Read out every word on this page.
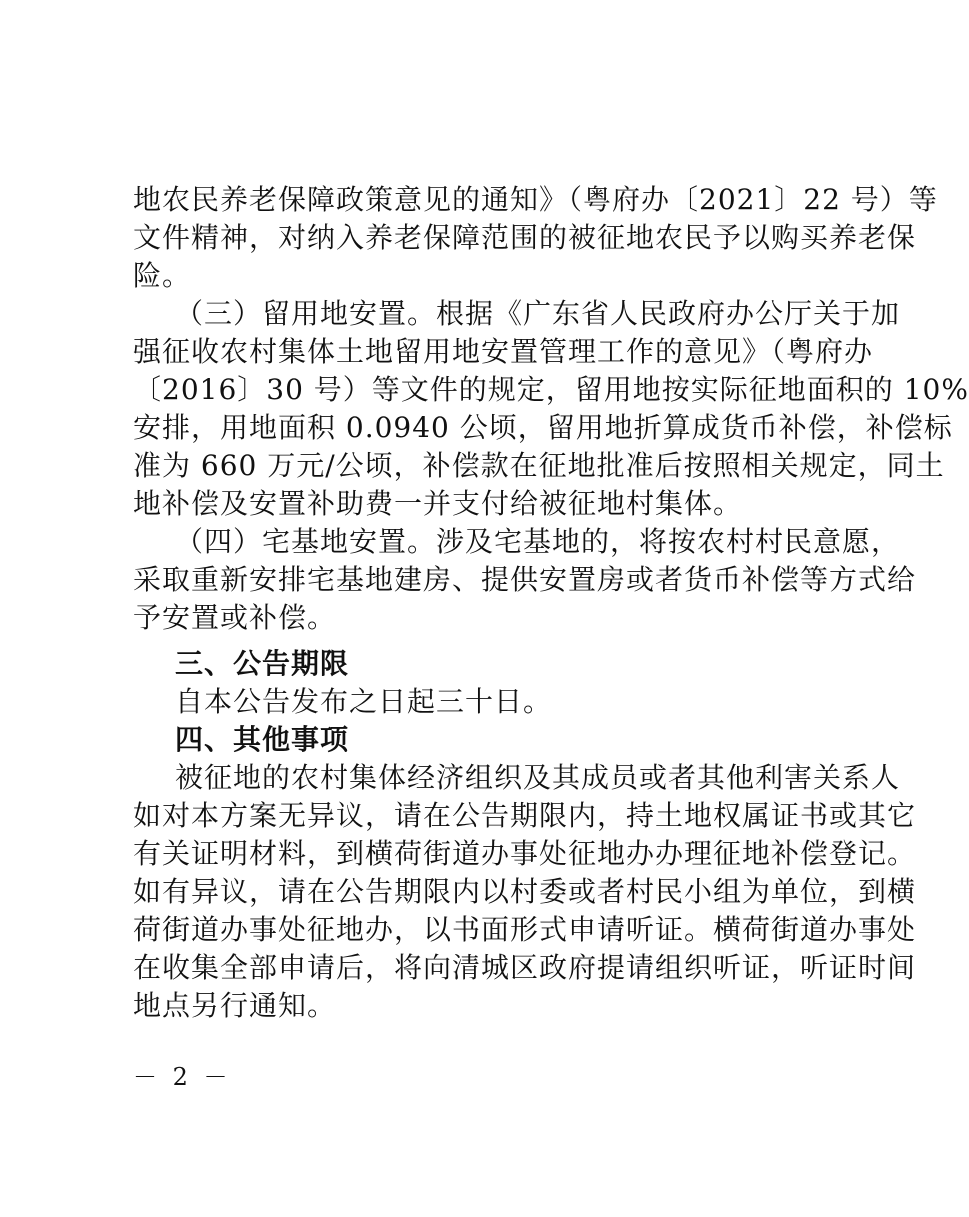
地农民养老保障政策意见的通知》（粤府办〔2021〕22 号）等
文件精神，对纳入养老保障范围的被征地农民予以购买养老保
险。
（三）留用地安置。根据《广东省人民政府办公厅关于加
强征收农村集体土地留用地安置管理工作的意见》（粤府办
〔2016〕30 号）等文件的规定，留用地按实际征地面积的 10%
安排，用地面积 0.0940 公顷，留用地折算成货币补偿，补偿标
准为 660 万元/公顷，补偿款在征地批准后按照相关规定，同土
地补偿及安置补助费一并支付给被征地村集体。
（四）宅基地安置。涉及宅基地的，将按农村村民意愿，
采取重新安排宅基地建房、提供安置房或者货币补偿等方式给
予安置或补偿。
三、公告期限
自本公告发布之日起三十日。
四、其他事项
被征地的农村集体经济组织及其成员或者其他利害关系人
如对本方案无异议，请在公告期限内，持土地权属证书或其它
有关证明材料，到横荷街道办事处征地办办理征地补偿登记。
如有异议，请在公告期限内以村委或者村民小组为单位，到横
荷街道办事处征地办，以书面形式申请听证。横荷街道办事处
在收集全部申请后，将向清城区政府提请组织听证，听证时间
地点另行通知。
－ 2 －
